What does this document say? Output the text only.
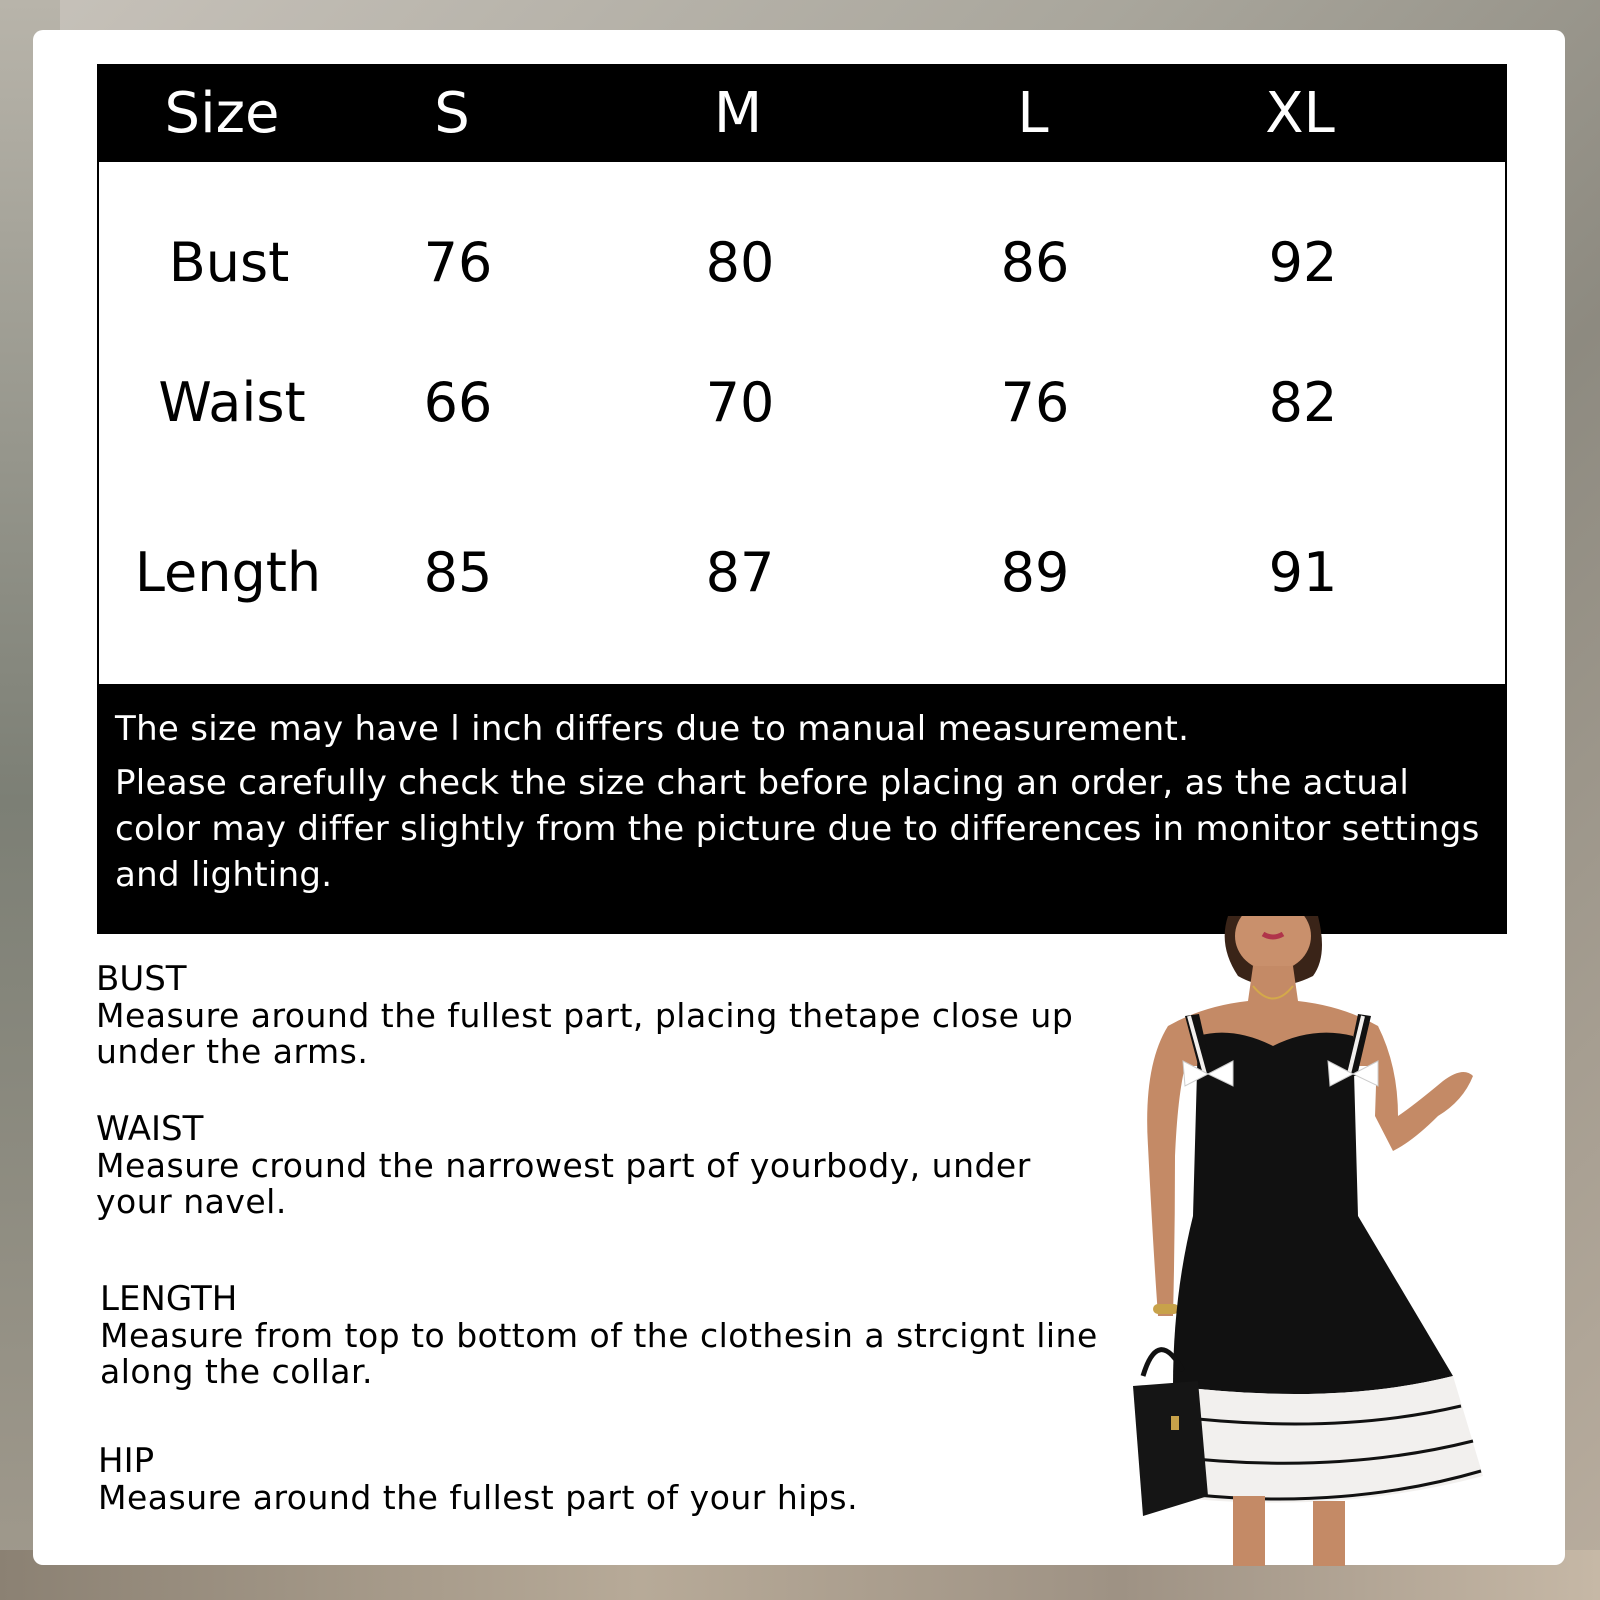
Size	S	M	L	XL
Bust 76	80	86	92
Waist 66	70	76	82
Length 85	87	89	91

The size may have l inch differs due to manual measurement.

Please carefully check the size chart before placing an order, as the actual

color may differ slightly from the picture due to differences in monitor settings

and lighting.

BUST
Measure around the fullest part, placing thetape close up
under the arms.
WAIST
Measure cround the narrowest part of yourbody, under
your navel.
LENGTH
Measure from top to bottom of the clothesin a strcignt line
along the collar.
HIP
Measure around the fullest part of your hips.
